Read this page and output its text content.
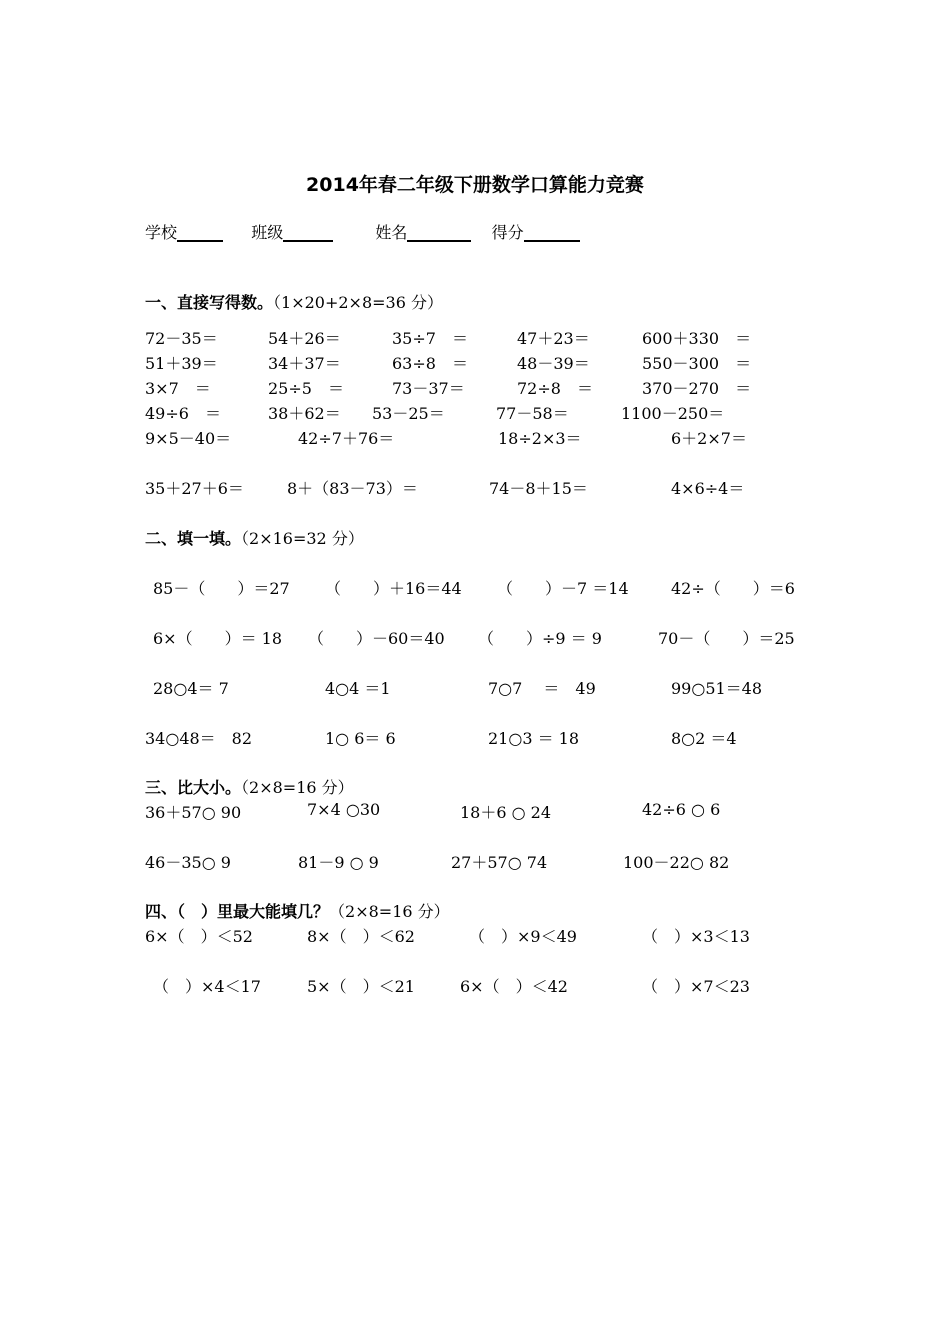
2014年春二年级下册数学口算能力竞赛
学校	班级	姓名	得分
一、直接写得数。（1×20+2×8=36 分）
72－35＝	54＋26＝	35÷7　＝	47＋23＝	600＋330　＝
51＋39＝	34＋37＝	63÷8　＝	48－39＝	550－300　＝
3×7　＝	25÷5　＝	73－37＝	72÷8　＝	370－270　＝
49÷6　＝	38＋62＝ 53－25＝	77－58＝	1100－250＝
9×5－40＝	42÷7＋76＝	18÷2×3＝	6＋2×7＝
35＋27＋6＝	8＋（83－73）＝	74－8＋15＝	4×6÷4＝
二、填一填。（2×16=32 分）
85－（　　）＝27 （　　）＋16＝44 （　　）－7 ＝14	42÷（　　）＝6
6×（　　）＝ 18 （　　）－60＝40 （　　）÷9 ＝ 9	70－（　　）＝25
28○4＝ 7	4○4 ＝1	7○7　 ＝　49	99○51＝48
34○48＝　82	1○ 6＝ 6	21○3 ＝ 18	8○2 ＝4
三、比大小。（2×8=16 分）
36＋57○ 90	7×4 ○30	18＋6 ○ 24	42÷6 ○ 6
46－35○ 9	81－9 ○ 9	27＋57○ 74	100－22○ 82
四、（　）里最大能填几？（2×8=16 分）
6×（　）＜52	8×（　）＜62	（　）×9＜49	（　）×3＜13
（　）×4＜17	5×（　）＜21	6×（　）＜42	（　）×7＜23
